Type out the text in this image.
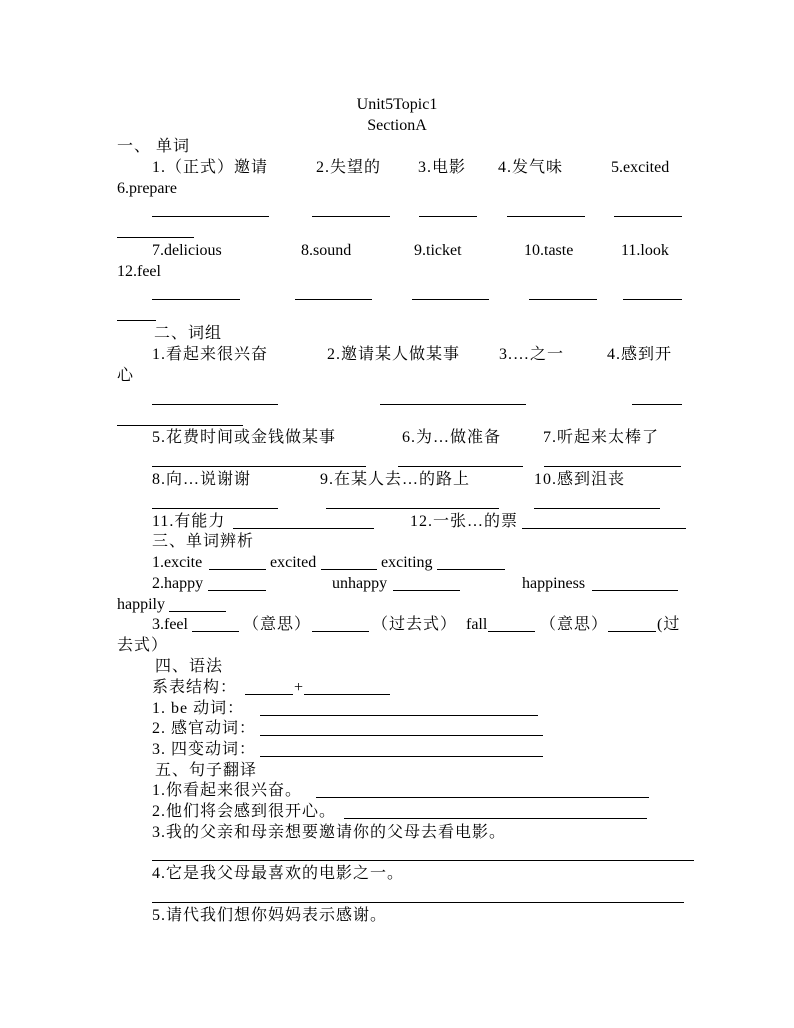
Unit5Topic1
SectionA
一、 单词
1.（正式）邀请	2.失望的 3.电影 4.发气味	5.excited
6.prepare
7.delicious	8.sound	9.ticket	10.taste	11.look
12.feel
二、词组
1.看起来很兴奋	2.邀请某人做某事 3.…之一	4.感到开
心
5.花费时间或金钱做某事	6.为…做准备	7.听起来太棒了
8.向…说谢谢	9.在某人去…的路上	10.感到沮丧
11.有能力	12.一张…的票
三、单词辨析
1.excite	excited	exciting
2.happy	unhappy	happiness
happily
3.feel	（意思）	（过去式） fall	（意思）	(过
去式）
四、语法
系表结构：	+
1. be 动词：
2. 感官动词：
3. 四变动词：
五、句子翻译
1.你看起来很兴奋。
2.他们将会感到很开心。
3.我的父亲和母亲想要邀请你的父母去看电影。
4.它是我父母最喜欢的电影之一。
5.请代我们想你妈妈表示感谢。
